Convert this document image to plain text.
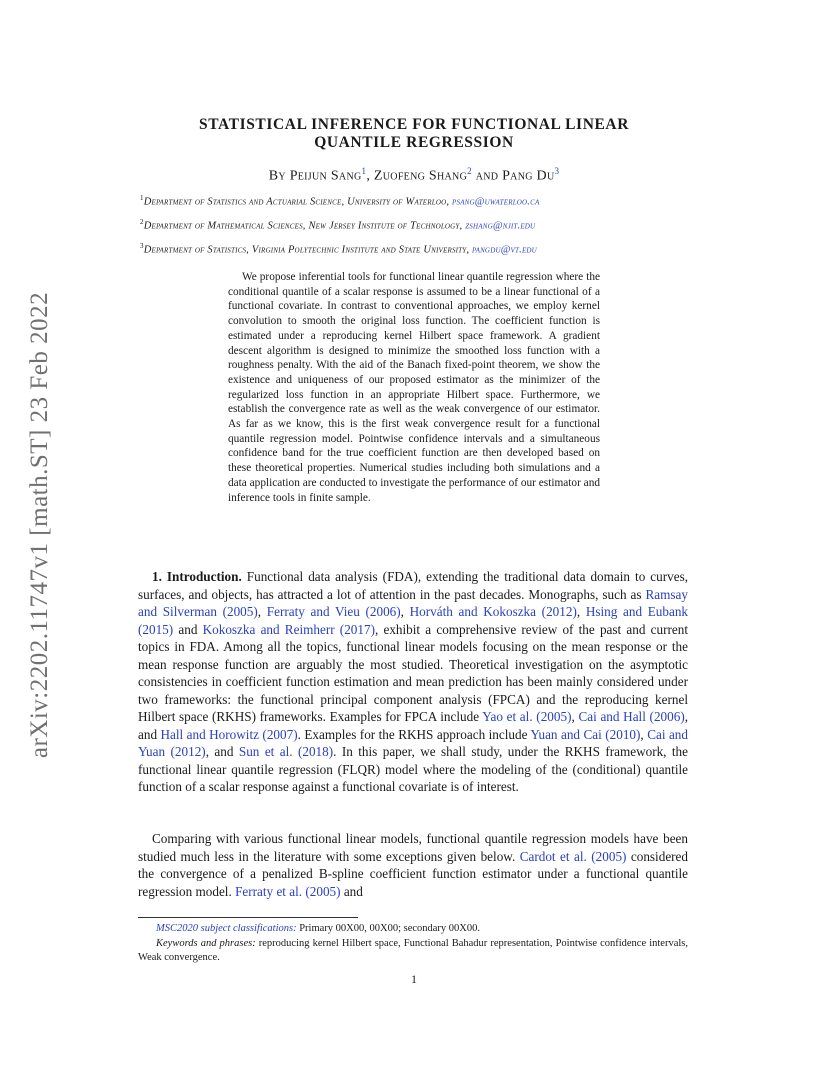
arXiv:2202.11747v1 [math.ST] 23 Feb 2022
STATISTICAL INFERENCE FOR FUNCTIONAL LINEAR
QUANTILE REGRESSION
By Peijun Sang$^1$, Zuofeng Shang$^2$ and Pang Du$^3$
$^1$Department of Statistics and Actuarial Science, University of Waterloo, psang@uwaterloo.ca
$^2$Department of Mathematical Sciences, New Jersey Institute of Technology, zshang@njit.edu
$^3$Department of Statistics, Virginia Polytechnic Institute and State University, pangdu@vt.edu
We propose inferential tools for functional linear quantile regression where the conditional quantile of a scalar response is assumed to be a linear functional of a functional covariate. In contrast to conventional approaches, we employ kernel convolution to smooth the original loss function. The coefficient function is estimated under a reproducing kernel Hilbert space framework. A gradient descent algorithm is designed to minimize the smoothed loss function with a roughness penalty. With the aid of the Banach fixed-point theorem, we show the existence and uniqueness of our proposed estimator as the minimizer of the regularized loss function in an appropriate Hilbert space. Furthermore, we establish the convergence rate as well as the weak convergence of our estimator. As far as we know, this is the first weak convergence result for a functional quantile regression model. Pointwise confidence intervals and a simultaneous confidence band for the true coefficient function are then developed based on these theoretical properties. Numerical studies including both simulations and a data application are conducted to investigate the performance of our estimator and inference tools in finite sample.
1. Introduction. Functional data analysis (FDA), extending the traditional data domain to curves, surfaces, and objects, has attracted a lot of attention in the past decades. Monographs, such as Ramsay and Silverman (2005), Ferraty and Vieu (2006), Horváth and Kokoszka (2012), Hsing and Eubank (2015) and Kokoszka and Reimherr (2017), exhibit a comprehensive review of the past and current topics in FDA. Among all the topics, functional linear models focusing on the mean response or the mean response function are arguably the most studied. Theoretical investigation on the asymptotic consistencies in coefficient function estimation and mean prediction has been mainly considered under two frameworks: the functional principal component analysis (FPCA) and the reproducing kernel Hilbert space (RKHS) frameworks. Examples for FPCA include Yao et al. (2005), Cai and Hall (2006), and Hall and Horowitz (2007). Examples for the RKHS approach include Yuan and Cai (2010), Cai and Yuan (2012), and Sun et al. (2018). In this paper, we shall study, under the RKHS framework, the functional linear quantile regression (FLQR) model where the modeling of the (conditional) quantile function of a scalar response against a functional covariate is of interest.
Comparing with various functional linear models, functional quantile regression models have been studied much less in the literature with some exceptions given below. Cardot et al. (2005) considered the convergence of a penalized B-spline coefficient function estimator under a functional quantile regression model. Ferraty et al. (2005) and
MSC2020 subject classifications: Primary 00X00, 00X00; secondary 00X00.
Keywords and phrases: reproducing kernel Hilbert space, Functional Bahadur representation, Pointwise confidence intervals, Weak convergence.
1
